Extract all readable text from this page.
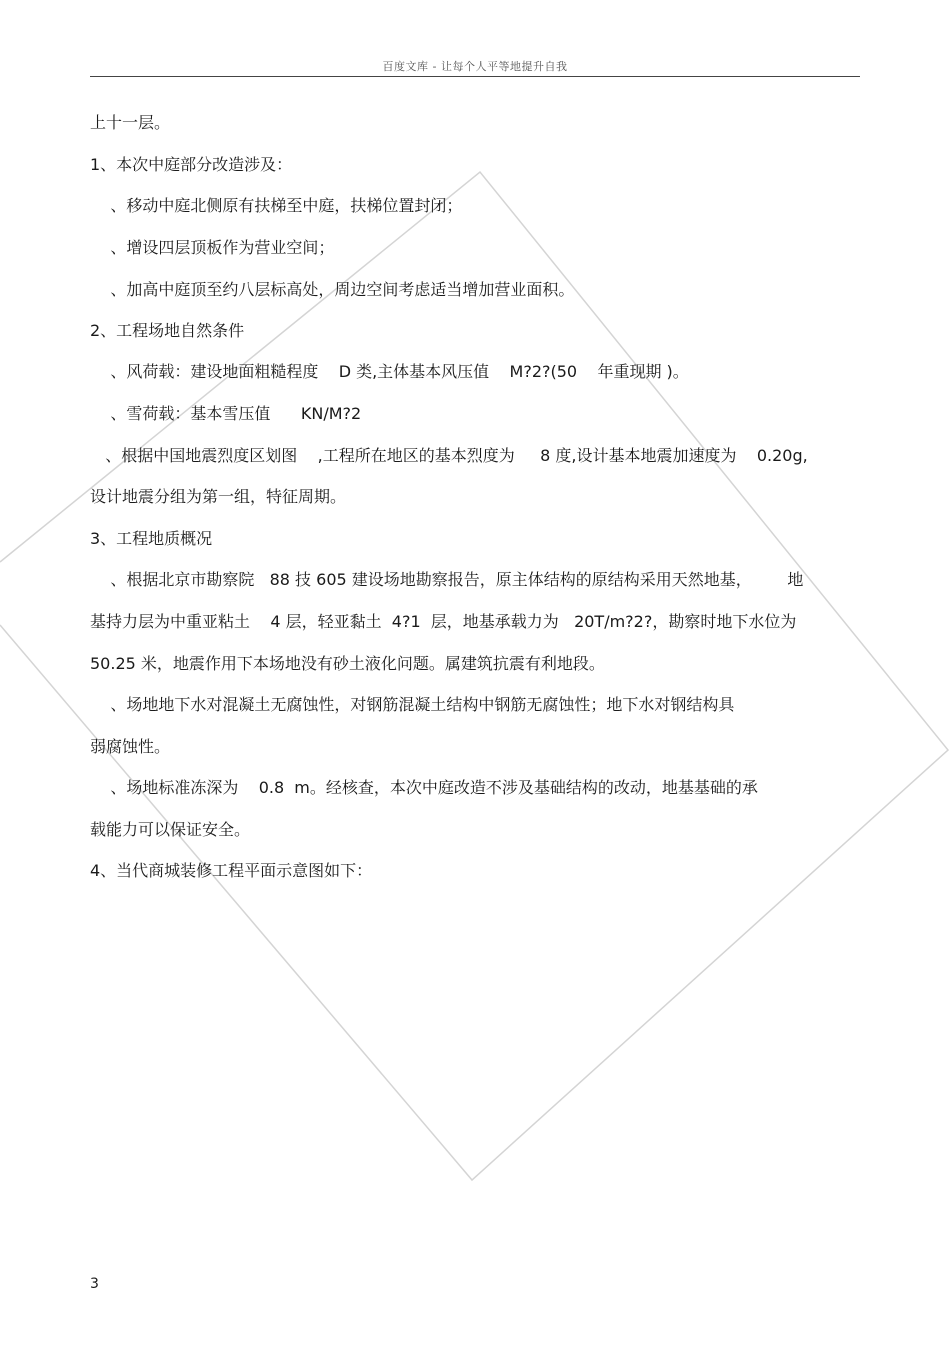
百度文库 - 让每个人平等地提升自我
上十一层。
1、本次中庭部分改造涉及：
、移动中庭北侧原有扶梯至中庭，扶梯位置封闭；
、增设四层顶板作为营业空间；
、加高中庭顶至约八层标高处，周边空间考虑适当增加营业面积。
2、工程场地自然条件
、风荷载：建设地面粗糙程度    D 类,主体基本风压值    M?2?(50    年重现期 )。
、雪荷载：基本雪压值      KN/M?2
、根据中国地震烈度区划图    ,工程所在地区的基本烈度为     8 度,设计基本地震加速度为    0.20g,
设计地震分组为第一组，特征周期。
3、工程地质概况
、根据北京市勘察院   88 技 605 建设场地勘察报告，原主体结构的原结构采用天然地基，       地
基持力层为中重亚粘土    4 层，轻亚黏土  4?1  层，地基承载力为   20T/m?2?，勘察时地下水位为
50.25 米，地震作用下本场地没有砂土液化问题。属建筑抗震有利地段。
、场地地下水对混凝土无腐蚀性，对钢筋混凝土结构中钢筋无腐蚀性；地下水对钢结构具
弱腐蚀性。
、场地标准冻深为    0.8  m。经核查，本次中庭改造不涉及基础结构的改动，地基基础的承
载能力可以保证安全。
4、当代商城装修工程平面示意图如下：
3
